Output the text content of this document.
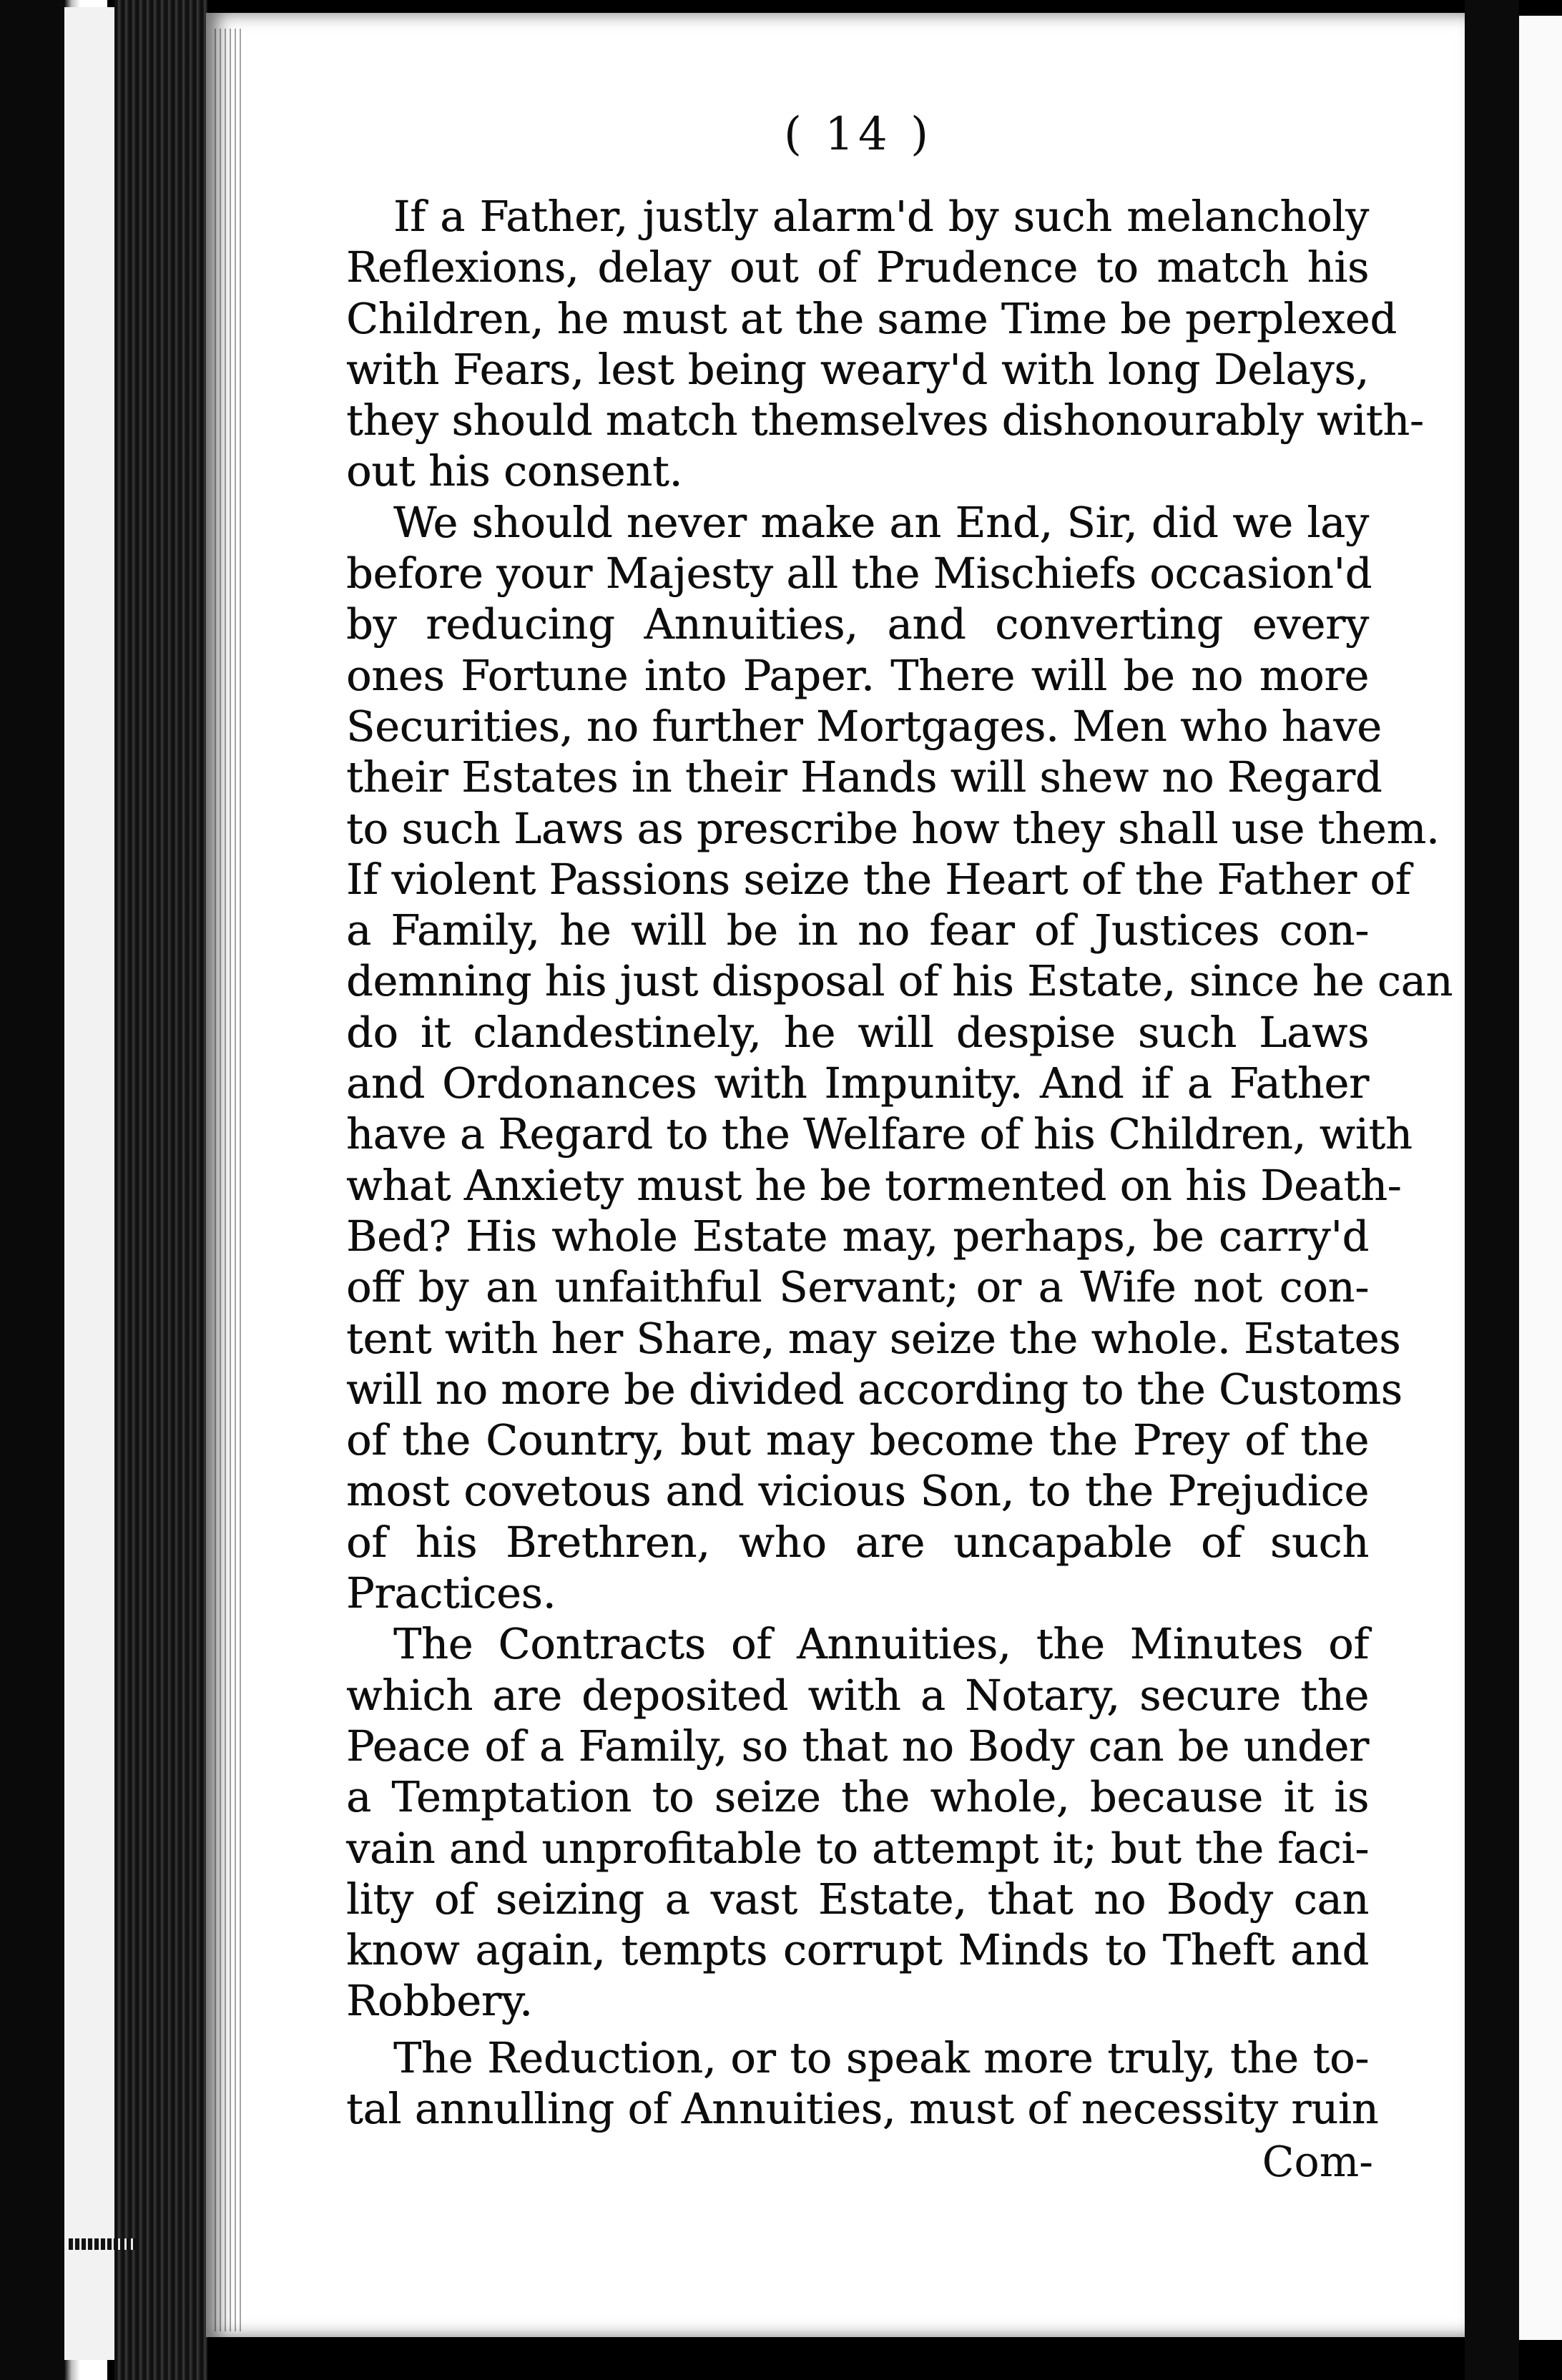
( 14 )
If a Father, justly alarm'd by such melancholy
Reflexions, delay out of Prudence to match his
Children, he must at the same Time be perplexed
with Fears, lest being weary'd with long Delays,
they should match themselves dishonourably with-
out his consent.
We should never make an End, Sir, did we lay
before your Majesty all the Mischiefs occasion'd
by reducing Annuities, and converting every
ones Fortune into Paper. There will be no more
Securities, no further Mortgages. Men who have
their Estates in their Hands will shew no Regard
to such Laws as prescribe how they shall use them.
If violent Passions seize the Heart of the Father of
a Family, he will be in no fear of Justices con-
demning his just disposal of his Estate, since he can
do it clandestinely, he will despise such Laws
and Ordonances with Impunity. And if a Father
have a Regard to the Welfare of his Children, with
what Anxiety must he be tormented on his Death-
Bed? His whole Estate may, perhaps, be carry'd
off by an unfaithful Servant; or a Wife not con-
tent with her Share, may seize the whole. Estates
will no more be divided according to the Customs
of the Country, but may become the Prey of the
most covetous and vicious Son, to the Prejudice
of his Brethren, who are uncapable of such
Practices.
The Contracts of Annuities, the Minutes of
which are deposited with a Notary, secure the
Peace of a Family, so that no Body can be under
a Temptation to seize the whole, because it is
vain and unprofitable to attempt it; but the faci-
lity of seizing a vast Estate, that no Body can
know again, tempts corrupt Minds to Theft and
Robbery.
The Reduction, or to speak more truly, the to-
tal annulling of Annuities, must of necessity ruin
Com-
